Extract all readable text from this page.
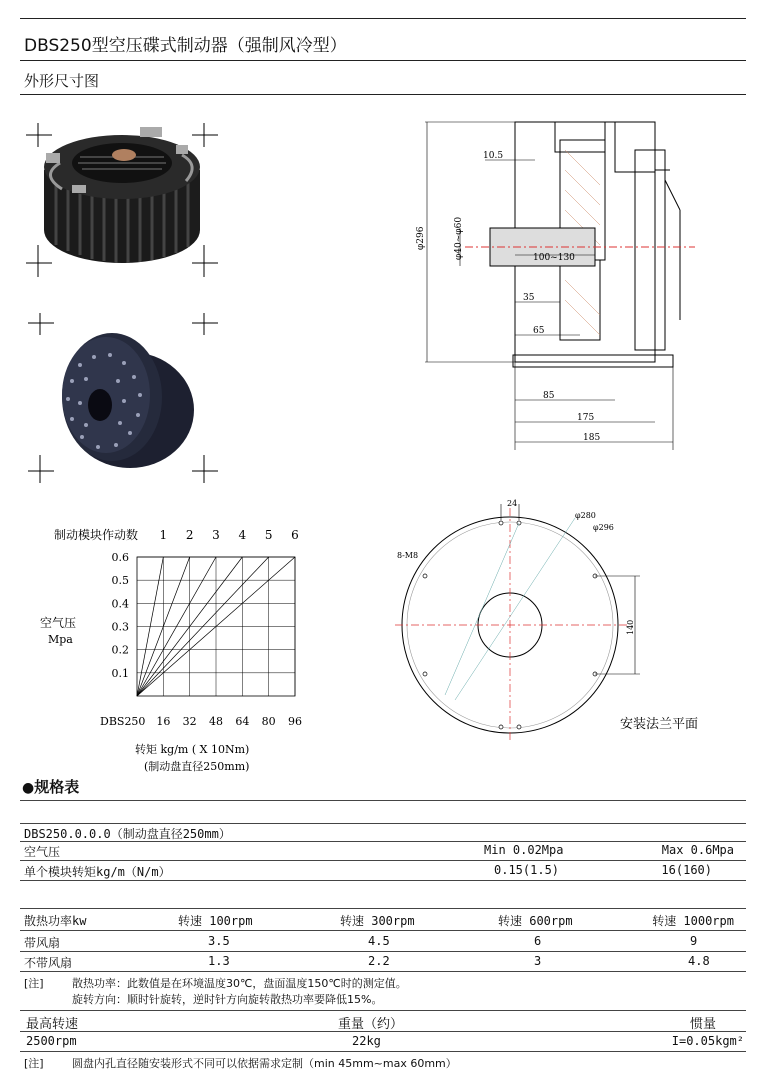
DBS250型空压碟式制动器（强制风冷型）
外形尺寸图
10.5
φ296	φ40~φ60	100~130
35
65
85
175
185
制动模块作动数 1 2 3 4 5 6
空气压
Mpa
0.6
0.5
0.4
0.3
0.2
0.1
DBS250 16 32 48 64 80 96
转矩 kg/m ( X 10Nm)
(制动盘直径250mm)
24
φ280
φ296
8-M8
140
安装法兰平面
●规格表
DBS250.0.0.0（制动盘直径250mm）
空气压	Min 0.02Mpa	Max 0.6Mpa
单个模块转矩kg/m（N/m）	0.15(1.5)	16(160)
散热功率kw	转速 100rpm	转速 300rpm	转速 600rpm	转速 1000rpm
带风扇	3.5	4.5	6	9
不带风扇	1.3	2.2	3	4.8
[注]	散热功率：此数值是在环境温度30℃，盘面温度150℃时的测定值。
旋转方向：顺时针旋转，逆时针方向旋转散热功率要降低15%。
最高转速	重量（约）	惯量
2500rpm	22kg	I=0.05kgm²
[注]	圆盘内孔直径随安装形式不同可以依据需求定制（min 45mm~max 60mm）
